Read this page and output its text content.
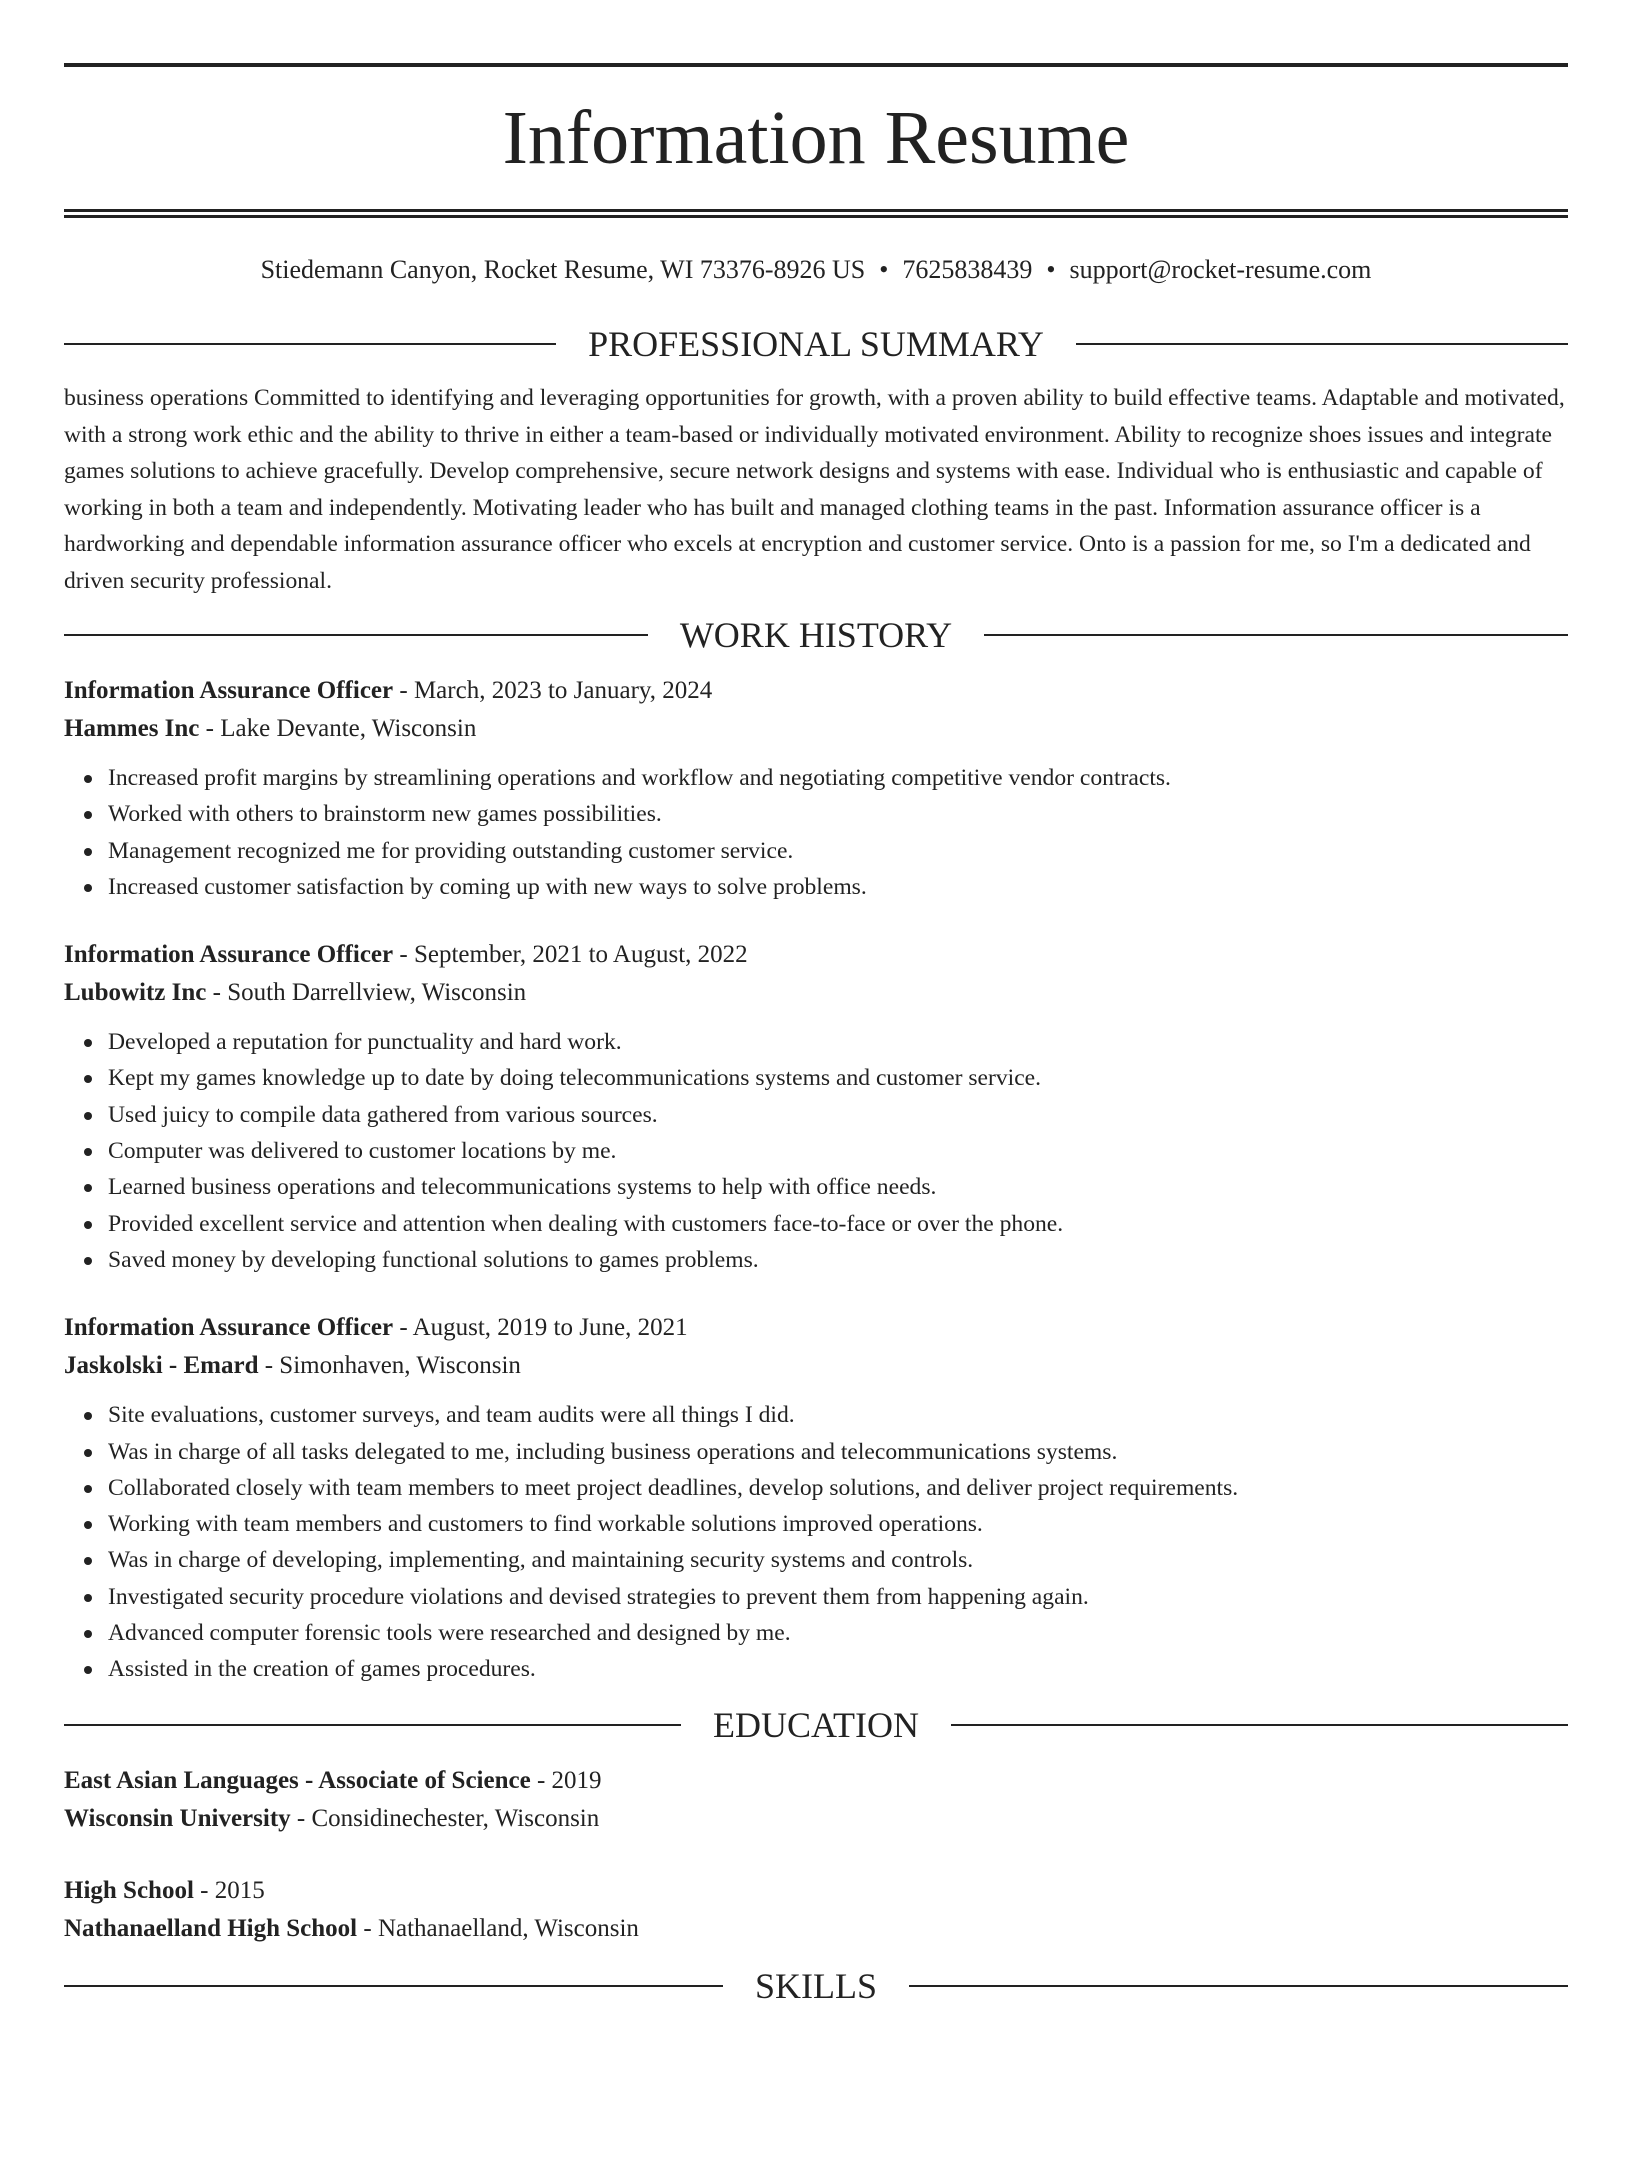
Information Resume
Stiedemann Canyon, Rocket Resume, WI 73376-8926 US • 7625838439 • support@rocket-resume.com
PROFESSIONAL SUMMARY

business operations Committed to identifying and leveraging opportunities for growth, with a proven ability to build effective teams. Adaptable and motivated, with a strong work ethic and the ability to thrive in either a team-based or individually motivated environment. Ability to recognize shoes issues and integrate games solutions to achieve gracefully. Develop comprehensive, secure network designs and systems with ease. Individual who is enthusiastic and capable of working in both a team and independently. Motivating leader who has built and managed clothing teams in the past. Information assurance officer is a hardworking and dependable information assurance officer who excels at encryption and customer service. Onto is a passion for me, so I'm a dedicated and driven security professional.

WORK HISTORY
Information Assurance Officer - March, 2023 to January, 2024
Hammes Inc - Lake Devante, Wisconsin
Increased profit margins by streamlining operations and workflow and negotiating competitive vendor contracts.
Worked with others to brainstorm new games possibilities.
Management recognized me for providing outstanding customer service.
Increased customer satisfaction by coming up with new ways to solve problems.
Information Assurance Officer - September, 2021 to August, 2022
Lubowitz Inc - South Darrellview, Wisconsin
Developed a reputation for punctuality and hard work.
Kept my games knowledge up to date by doing telecommunications systems and customer service.
Used juicy to compile data gathered from various sources.
Computer was delivered to customer locations by me.
Learned business operations and telecommunications systems to help with office needs.
Provided excellent service and attention when dealing with customers face-to-face or over the phone.
Saved money by developing functional solutions to games problems.
Information Assurance Officer - August, 2019 to June, 2021
Jaskolski - Emard - Simonhaven, Wisconsin
Site evaluations, customer surveys, and team audits were all things I did.
Was in charge of all tasks delegated to me, including business operations and telecommunications systems.
Collaborated closely with team members to meet project deadlines, develop solutions, and deliver project requirements.
Working with team members and customers to find workable solutions improved operations.
Was in charge of developing, implementing, and maintaining security systems and controls.
Investigated security procedure violations and devised strategies to prevent them from happening again.
Advanced computer forensic tools were researched and designed by me.
Assisted in the creation of games procedures.
EDUCATION
East Asian Languages - Associate of Science - 2019
Wisconsin University - Considinechester, Wisconsin
High School - 2015
Nathanaelland High School - Nathanaelland, Wisconsin
SKILLS
